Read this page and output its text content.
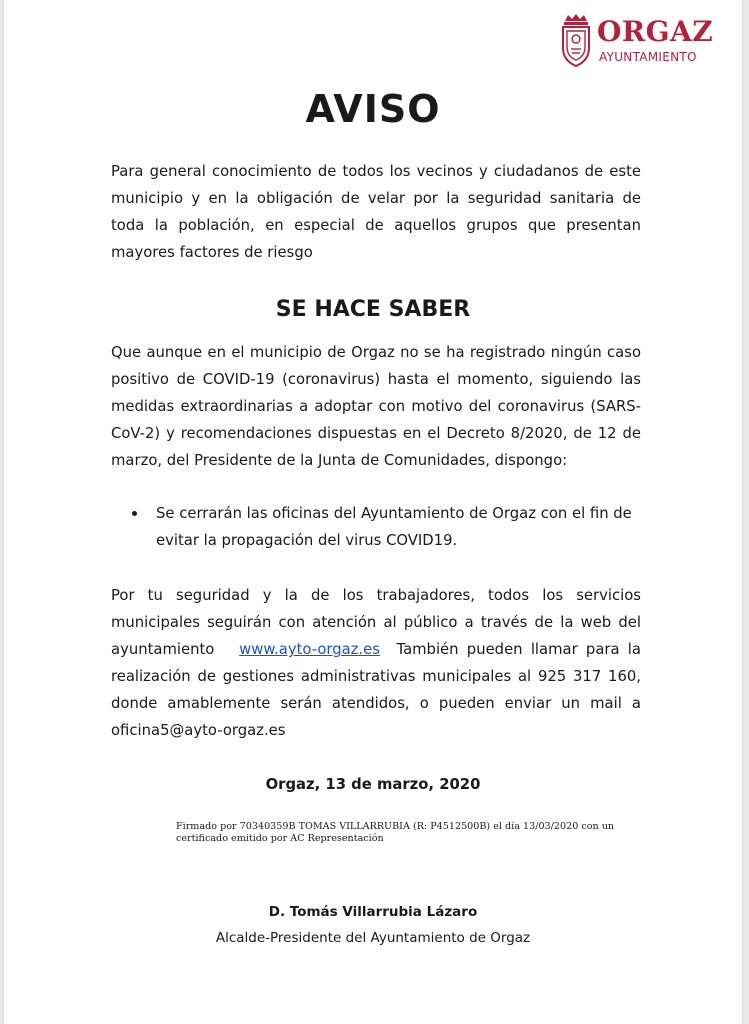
ORGAZ
AYUNTAMIENTO
AVISO

Para general conocimiento de todos los vecinos y ciudadanos de este
municipio y en la obligación de velar por la seguridad sanitaria de
toda la población, en especial de aquellos grupos que presentan
mayores factores de riesgo

SE HACE SABER

Que aunque en el municipio de Orgaz no se ha registrado ningún caso
positivo de COVID-19 (coronavirus) hasta el momento, siguiendo las
medidas extraordinarias a adoptar con motivo del coronavirus (SARS-
CoV-2) y recomendaciones dispuestas en el Decreto 8/2020, de 12 de
marzo, del Presidente de la Junta de Comunidades, dispongo:

Se cerrarán las oficinas del Ayuntamiento de Orgaz con el fin de
evitar la propagación del virus COVID19.

Por tu seguridad y la de los trabajadores, todos los servicios
municipales seguirán con atención al público a través de la web del
ayuntamiento www.ayto-orgaz.es También pueden llamar para la
realización de gestiones administrativas municipales al 925 317 160,
donde amablemente serán atendidos, o pueden enviar un mail a
oficina5@ayto-orgaz.es

Orgaz, 13 de marzo, 2020

Firmado por 70340359B TOMAS VILLARRUBIA (R: P4512500B) el día 13/03/2020 con un
certificado emitido por AC Representación

D. Tomás Villarrubia Lázaro

Alcalde-Presidente del Ayuntamiento de Orgaz
